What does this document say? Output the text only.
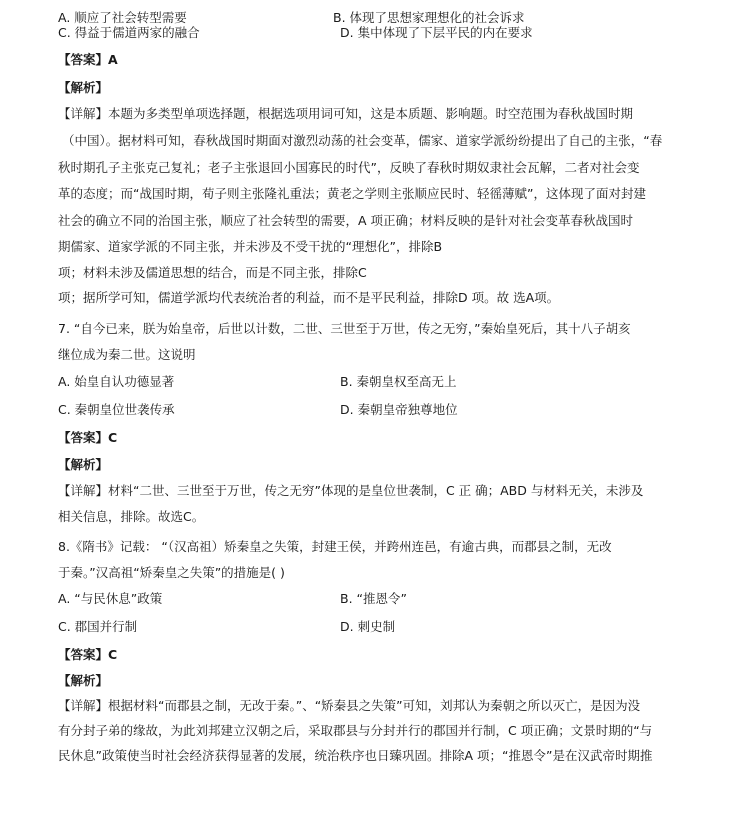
A. 顺应了社会转型需要	B. 体现了思想家理想化的社会诉求
C. 得益于儒道两家的融合	D. 集中体现了下层平民的内在要求
【答案】A
【解析】
【详解】本题为多类型单项选择题，根据选项用词可知，这是本质题、影响题。时空范围为春秋战国时期
（中国）。据材料可知，春秋战国时期面对激烈动荡的社会变革，儒家、道家学派纷纷提出了自己的主张，“春
秋时期孔子主张克己复礼；老子主张退回小国寡民的时代”，反映了春秋时期奴隶社会瓦解，二者对社会变
革的态度；而“战国时期，荀子则主张隆礼重法；黄老之学则主张顺应民时、轻徭薄赋”，这体现了面对封建
社会的确立不同的治国主张，顺应了社会转型的需要，A 项正确；材料反映的是针对社会变革春秋战国时
期儒家、道家学派的不同主张，并未涉及不受干扰的“理想化”，排除B
项；材料未涉及儒道思想的结合，而是不同主张，排除C
项；据所学可知，儒道学派均代表统治者的利益，而不是平民利益，排除D 项。故 选A项。
7. “自今已来，朕为始皇帝，后世以计数，二世、三世至于万世，传之无穷，”秦始皇死后，其十八子胡亥
继位成为秦二世。这说明
A. 始皇自认功德显著	B. 秦朝皇权至高无上
C. 秦朝皇位世袭传承	D. 秦朝皇帝独尊地位
【答案】C
【解析】
【详解】材料“二世、三世至于万世，传之无穷”体现的是皇位世袭制，C 正 确；ABD 与材料无关，未涉及
相关信息，排除。故选C。
8.《隋书》记载： “（汉高祖）矫秦皇之失策，封建王侯，并跨州连邑，有逾古典，而郡县之制，无改
于秦。”汉高祖“矫秦皇之失策”的措施是( )
A. “与民休息”政策	B. “推恩令”
C. 郡国并行制	D. 刺史制
【答案】C
【解析】
【详解】根据材料“而郡县之制，无改于秦。”、“矫秦县之失策”可知，刘邦认为秦朝之所以灭亡，是因为没
有分封子弟的缘故，为此刘邦建立汉朝之后，采取郡县与分封并行的郡国并行制，C 项正确；文景时期的“与
民休息”政策使当时社会经济获得显著的发展，统治秩序也日臻巩固。排除A 项；“推恩令”是在汉武帝时期推
